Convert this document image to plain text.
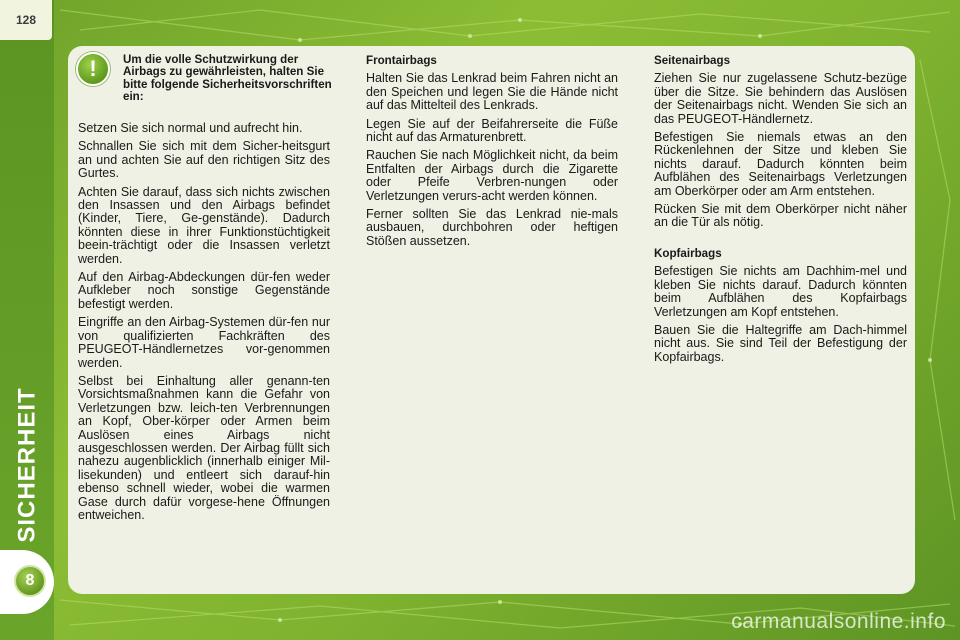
128
SICHERHEIT
8
!	Um die volle Schutzwirkung der Airbags zu gewährleisten, halten Sie bitte folgende Sicherheitsvorschriften ein:

Setzen Sie sich normal und aufrecht hin.

Schnallen Sie sich mit dem Sicher-heitsgurt an und achten Sie auf den richtigen Sitz des Gurtes.

Achten Sie darauf, dass sich nichts zwischen den Insassen und den Airbags befindet (Kinder, Tiere, Ge-genstände). Dadurch könnten diese in ihrer Funktionstüchtigkeit beein-trächtigt oder die Insassen verletzt werden.

Auf den Airbag-Abdeckungen dür-fen weder Aufkleber noch sonstige Gegenstände befestigt werden.

Eingriffe an den Airbag-Systemen dür-fen nur von qualifizierten Fachkräften des PEUGEOT-Händlernetzes vor-genommen werden.

Selbst bei Einhaltung aller genann-ten Vorsichtsmaßnahmen kann die Gefahr von Verletzungen bzw. leich-ten Verbrennungen an Kopf, Ober-körper oder Armen beim Auslösen eines Airbags nicht ausgeschlossen werden. Der Airbag füllt sich nahezu augenblicklich (innerhalb einiger Mil-lisekunden) und entleert sich darauf-hin ebenso schnell wieder, wobei die warmen Gase durch dafür vorgese-hene Öffnungen entweichen.

Frontairbags

Halten Sie das Lenkrad beim Fahren nicht an den Speichen und legen Sie die Hände nicht auf das Mittelteil des Lenkrads.

Legen Sie auf der Beifahrerseite die Füße nicht auf das Armaturenbrett.

Rauchen Sie nach Möglichkeit nicht, da beim Entfalten der Airbags durch die Zigarette oder Pfeife Verbren-nungen oder Verletzungen verurs-acht werden können.

Ferner sollten Sie das Lenkrad nie-mals ausbauen, durchbohren oder heftigen Stößen aussetzen.

Seitenairbags

Ziehen Sie nur zugelassene Schutz-bezüge über die Sitze. Sie behindern das Auslösen der Seitenairbags nicht. Wenden Sie sich an das PEUGEOT-Händlernetz.

Befestigen Sie niemals etwas an den Rückenlehnen der Sitze und kleben Sie nichts darauf. Dadurch könnten beim Aufblähen des Seitenairbags Verletzungen am Oberkörper oder am Arm entstehen.

Rücken Sie mit dem Oberkörper nicht näher an die Tür als nötig.

Kopfairbags

Befestigen Sie nichts am Dachhim-mel und kleben Sie nichts darauf. Dadurch könnten beim Aufblähen des Kopfairbags Verletzungen am Kopf entstehen.

Bauen Sie die Haltegriffe am Dach-himmel nicht aus. Sie sind Teil der Befestigung der Kopfairbags.

carmanualsonline.info
